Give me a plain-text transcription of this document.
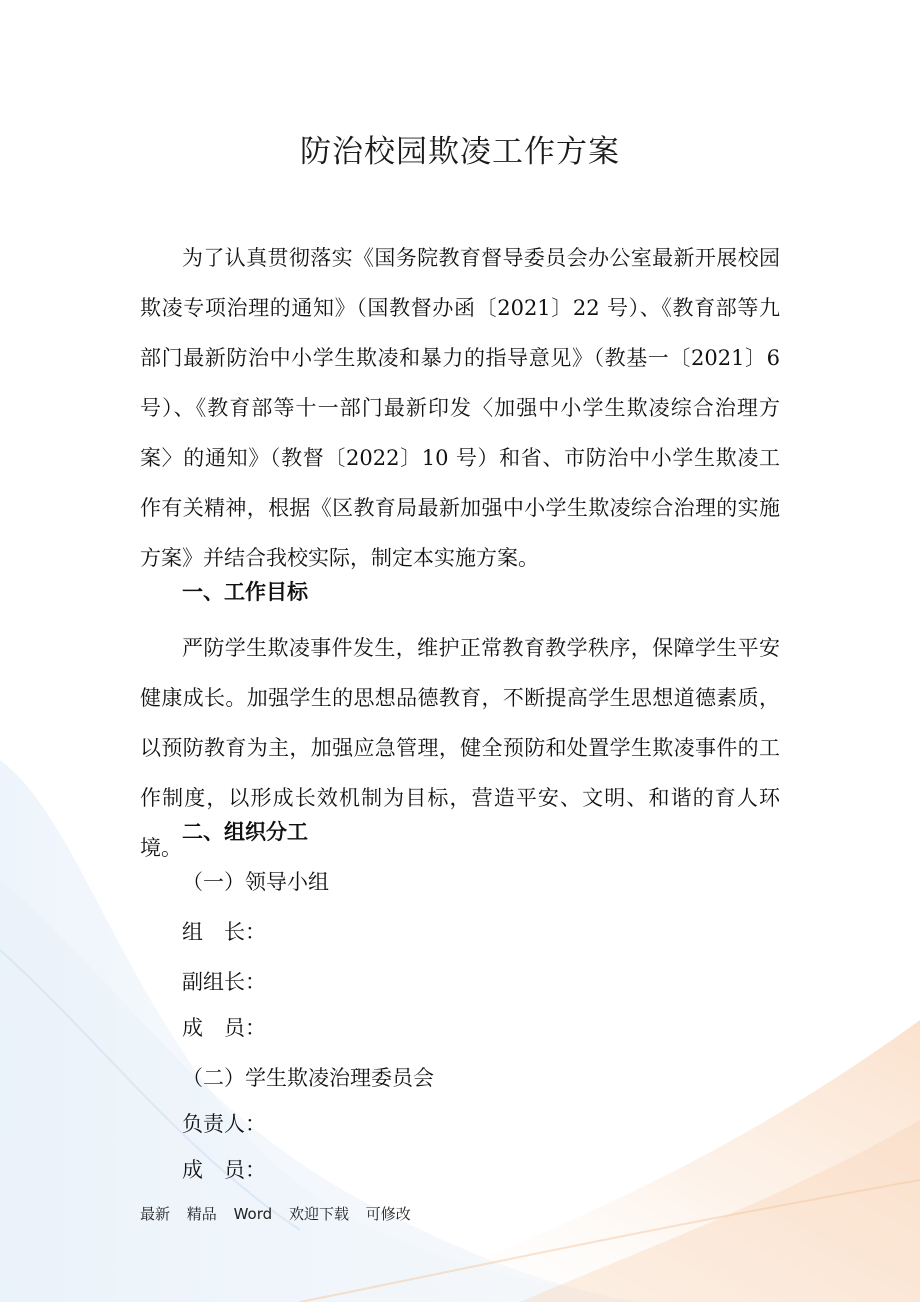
防治校园欺凌工作方案

为了认真贯彻落实《国务院教育督导委员会办公室最新开展校园欺凌专项治理的通知》（国教督办函〔2021〕22 号）、《教育部等九部门最新防治中小学生欺凌和暴力的指导意见》（教基一〔2021〕6 号）、《教育部等十一部门最新印发〈加强中小学生欺凌综合治理方案〉的通知》（教督〔2022〕10 号）和省、市防治中小学生欺凌工作有关精神，根据《区教育局最新加强中小学生欺凌综合治理的实施方案》并结合我校实际，制定本实施方案。

一、工作目标

严防学生欺凌事件发生，维护正常教育教学秩序，保障学生平安健康成长。加强学生的思想品德教育，不断提高学生思想道德素质，以预防教育为主，加强应急管理，健全预防和处置学生欺凌事件的工作制度，以形成长效机制为目标，营造平安、文明、和谐的育人环境。

二、组织分工
（一）领导小组
组　长：
副组长：
成　员：
（二）学生欺凌治理委员会
负责人：
成　员：
最新 精品 Word 欢迎下载 可修改
